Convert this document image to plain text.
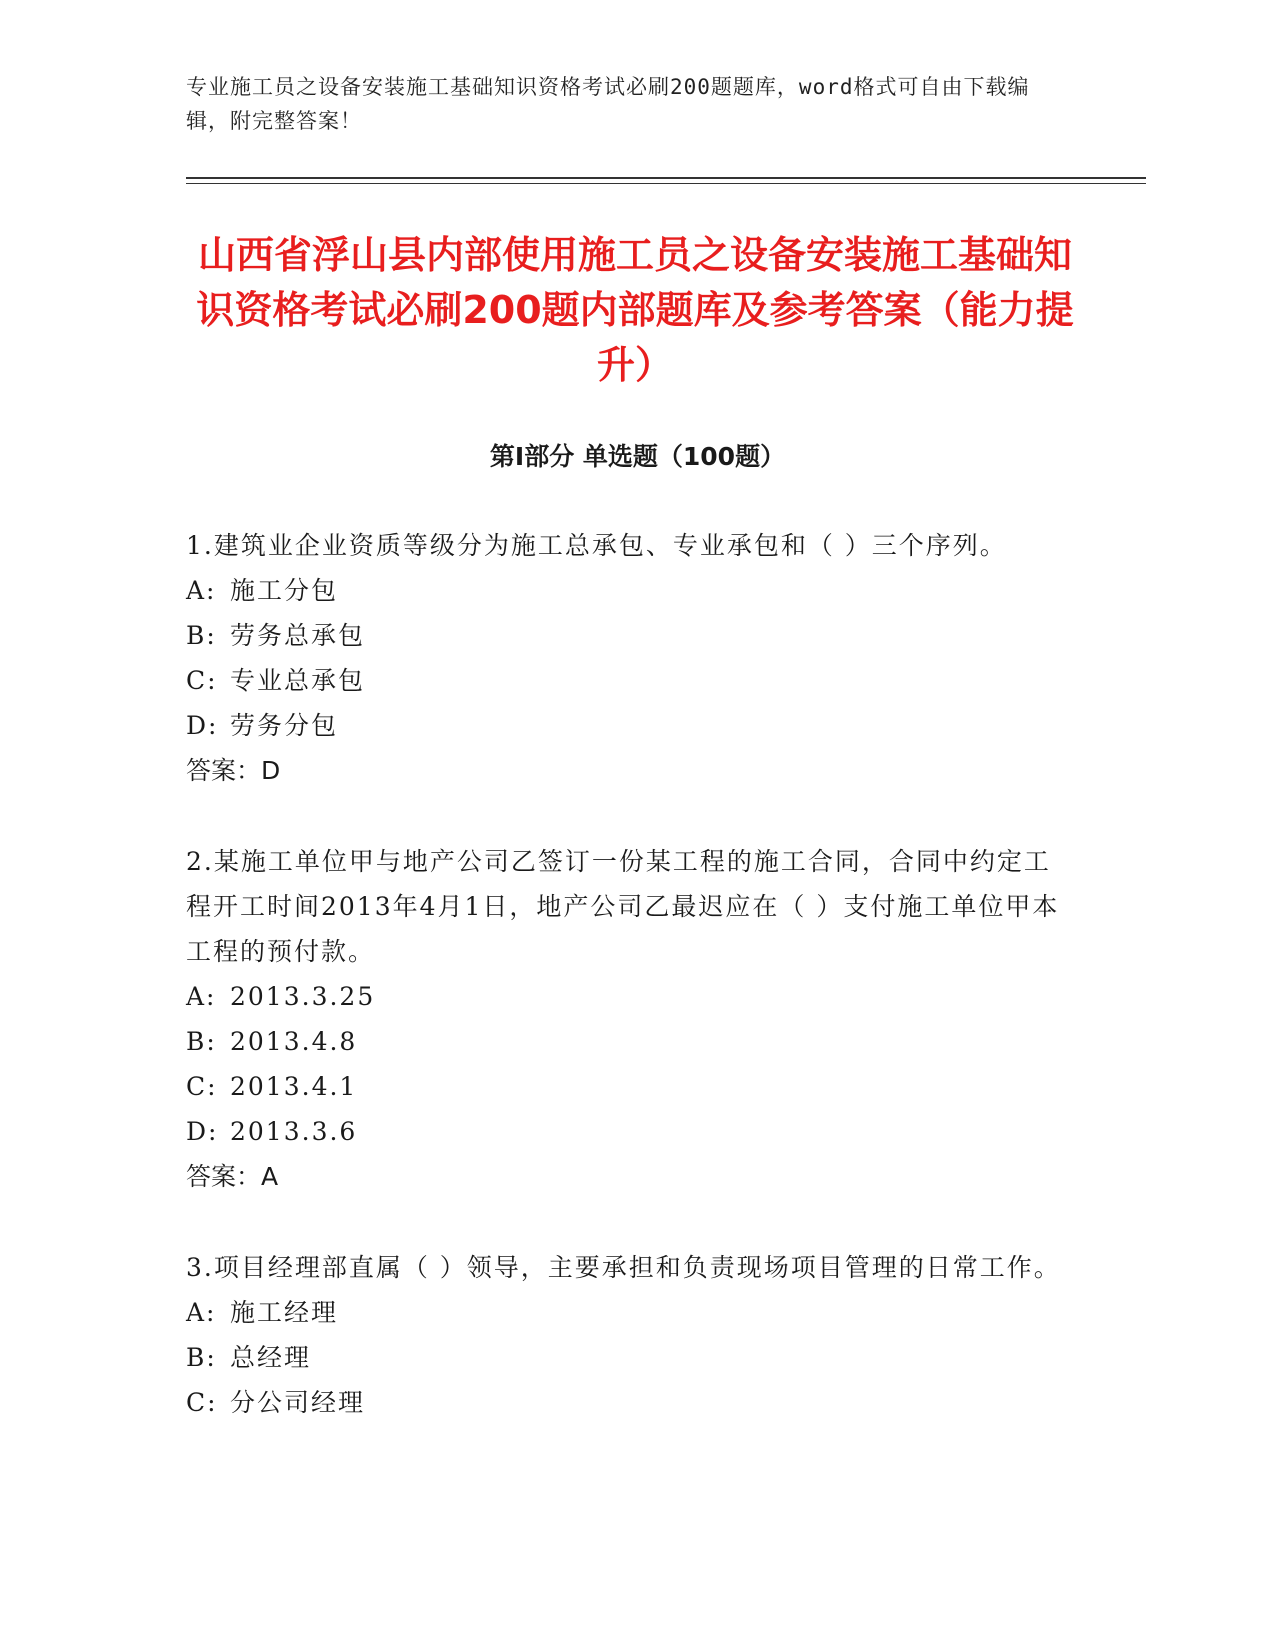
专业施工员之设备安装施工基础知识资格考试必刷200题题库，word格式可自由下载编辑，附完整答案！
山西省浮山县内部使用施工员之设备安装施工基础知识资格考试必刷200题内部题库及参考答案（能力提升）
第Ⅰ部分 单选题（100题）
1.建筑业企业资质等级分为施工总承包、专业承包和（ ）三个序列。
A: 施工分包
B: 劳务总承包
C: 专业总承包
D: 劳务分包
答案：D
2.某施工单位甲与地产公司乙签订一份某工程的施工合同，合同中约定工程开工时间2013年4月1日，地产公司乙最迟应在（ ）支付施工单位甲本工程的预付款。
A: 2013.3.25
B: 2013.4.8
C: 2013.4.1
D: 2013.3.6
答案：A
3.项目经理部直属（ ）领导，主要承担和负责现场项目管理的日常工作。
A: 施工经理
B: 总经理
C: 分公司经理
